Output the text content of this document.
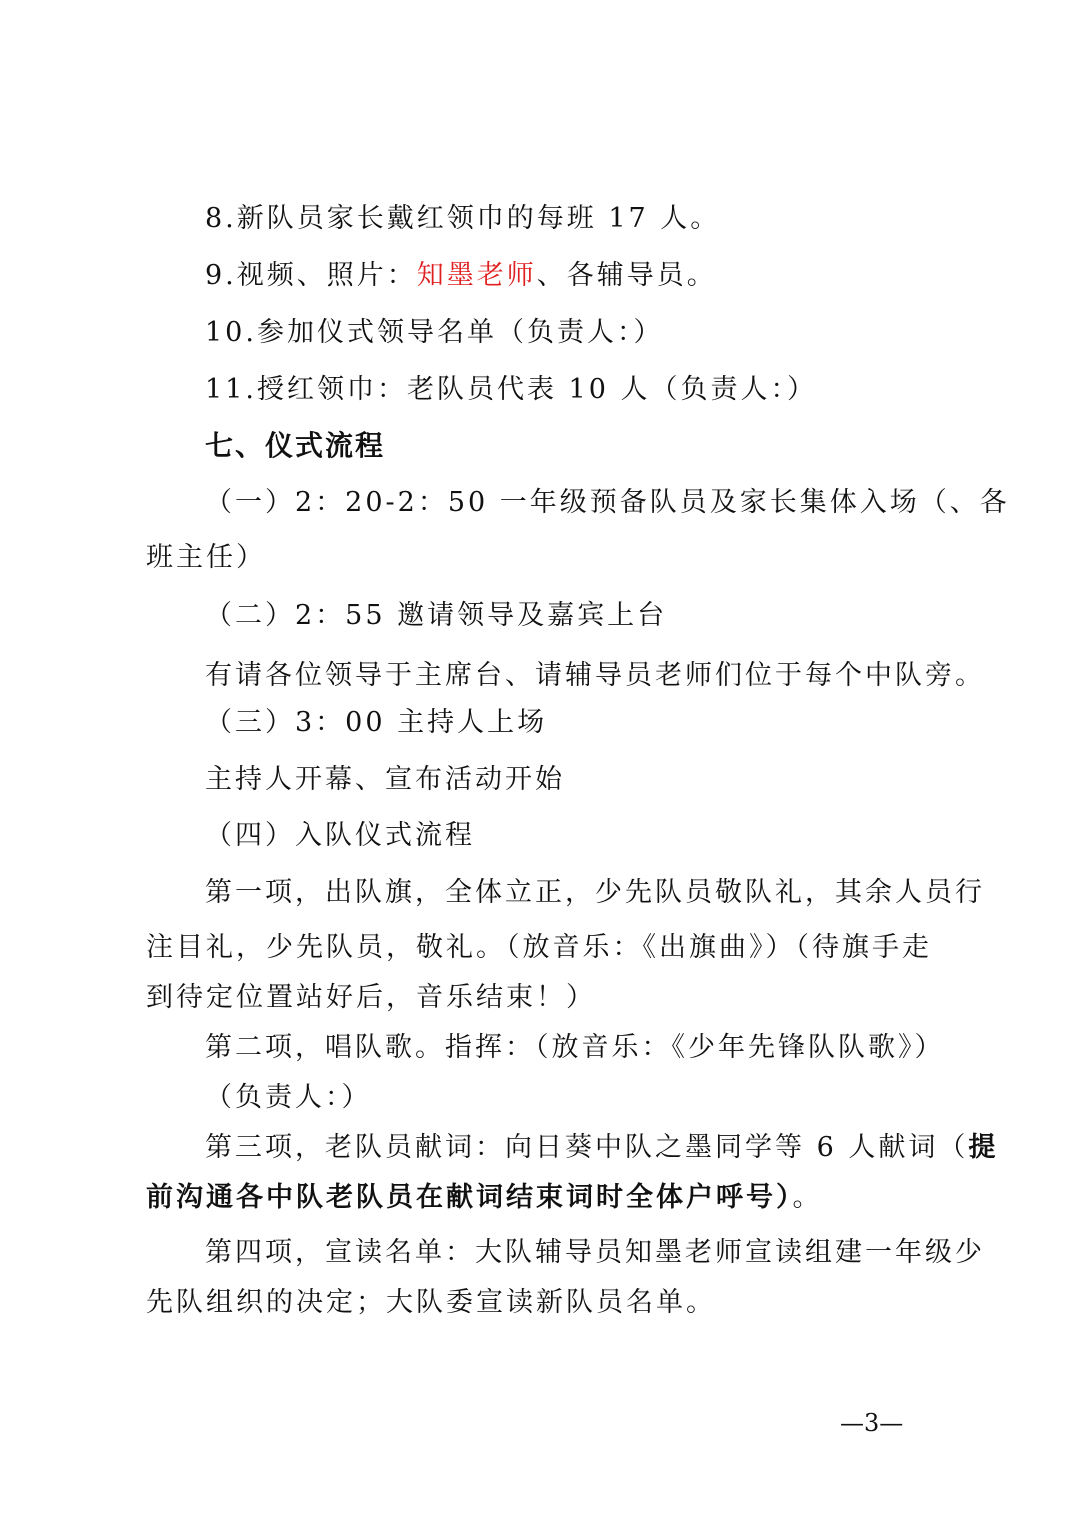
8.新队员家长戴红领巾的每班 17 人。
9.视频、照片：知墨老师、各辅导员。
10.参加仪式领导名单（负责人：）
11.授红领巾：老队员代表 10 人（负责人：）
七、仪式流程
（一）2：20-2：50 一年级预备队员及家长集体入场（、各
班主任）
（二）2：55 邀请领导及嘉宾上台
有请各位领导于主席台、请辅导员老师们位于每个中队旁。
（三）3：00 主持人上场
主持人开幕、宣布活动开始
（四）入队仪式流程
第一项，出队旗，全体立正，少先队员敬队礼，其余人员行
注目礼，少先队员，敬礼。（放音乐：《出旗曲》）（待旗手走
到待定位置站好后，音乐结束！）
第二项，唱队歌。指挥：（放音乐：《少年先锋队队歌》）
（负责人：）
第三项，老队员献词：向日葵中队之墨同学等 6 人献词（提
前沟通各中队老队员在献词结束词时全体户呼号）。
第四项，宣读名单：大队辅导员知墨老师宣读组建一年级少
先队组织的决定；大队委宣读新队员名单。
—3—
